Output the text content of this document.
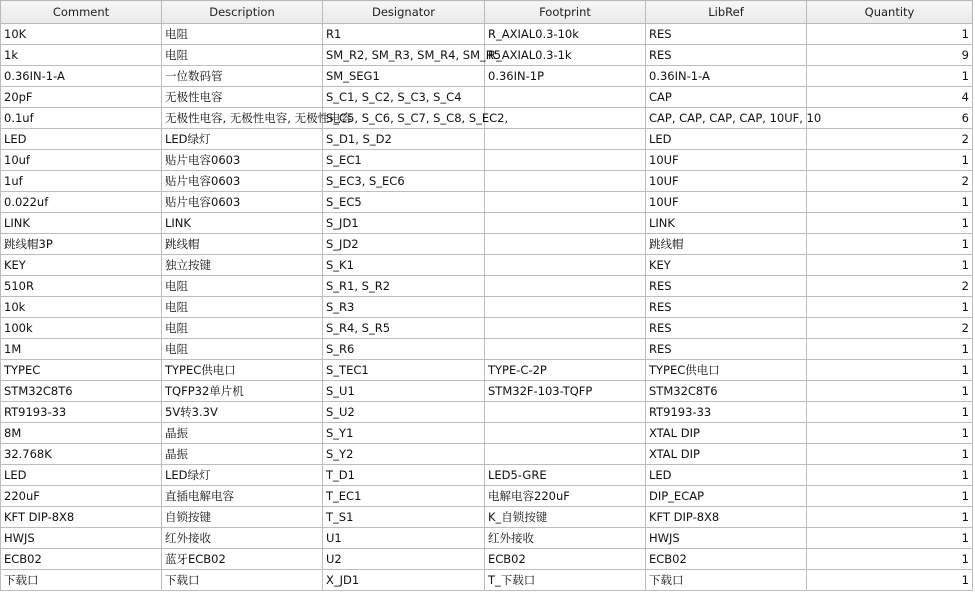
Comment	Description	Designator	Footprint	LibRef	Quantity
10K	电阻	R1	R_AXIAL0.3-10k	RES	1
1k	电阻	SM_R2, SM_R3, SM_R4, SM_R5	R_AXIAL0.3-1k	RES	9
0.36IN-1-A	一位数码管	SM_SEG1	0.36IN-1P	0.36IN-1-A	1
20pF	无极性电容	S_C1, S_C2, S_C3, S_C4		CAP	4
0.1uf	无极性电容, 无极性电容, 无极性电容	S_C5, S_C6, S_C7, S_C8, S_EC2,		CAP, CAP, CAP, CAP, 10UF, 10	6
LED	LED绿灯	S_D1, S_D2		LED	2
10uf	贴片电容0603	S_EC1		10UF	1
1uf	贴片电容0603	S_EC3, S_EC6		10UF	2
0.022uf	贴片电容0603	S_EC5		10UF	1
LINK	LINK	S_JD1		LINK	1
跳线帽3P	跳线帽	S_JD2		跳线帽	1
KEY	独立按键	S_K1		KEY	1
510R	电阻	S_R1, S_R2		RES	2
10k	电阻	S_R3		RES	1
100k	电阻	S_R4, S_R5		RES	2
1M	电阻	S_R6		RES	1
TYPEC	TYPEC供电口	S_TEC1	TYPE-C-2P	TYPEC供电口	1
STM32C8T6	TQFP32单片机	S_U1	STM32F-103-TQFP	STM32C8T6	1
RT9193-33	5V转3.3V	S_U2		RT9193-33	1
8M	晶振	S_Y1		XTAL DIP	1
32.768K	晶振	S_Y2		XTAL DIP	1
LED	LED绿灯	T_D1	LED5-GRE	LED	1
220uF	直插电解电容	T_EC1	电解电容220uF	DIP_ECAP	1
KFT DIP-8X8	自锁按键	T_S1	K_自锁按键	KFT DIP-8X8	1
HWJS	红外接收	U1	红外接收	HWJS	1
ECB02	蓝牙ECB02	U2	ECB02	ECB02	1
下载口	下载口	X_JD1	T_下载口	下载口	1
